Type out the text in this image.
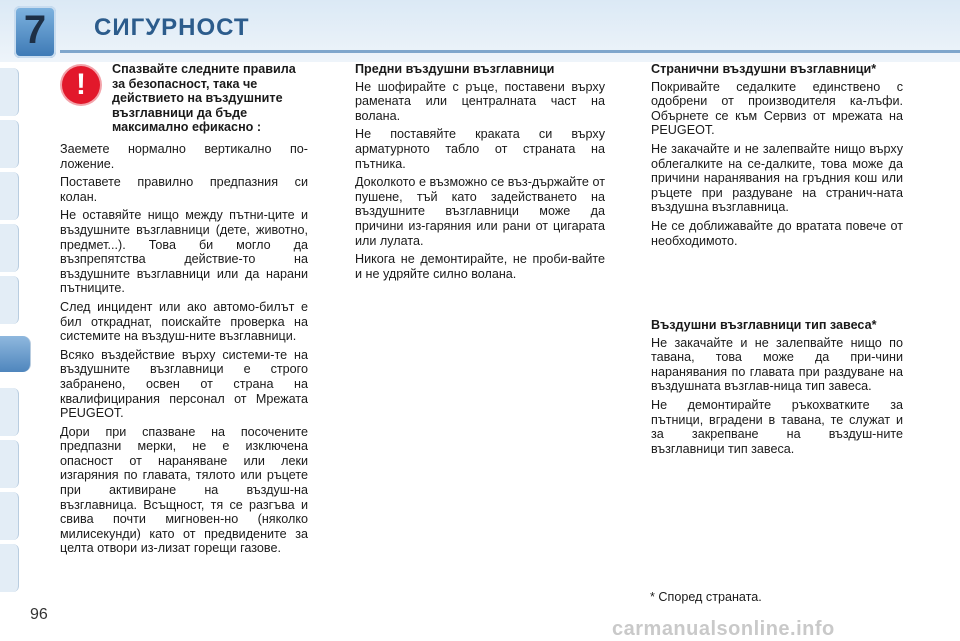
7	СИГУРНОСТ
!	Спазвайте следните правила за безопасност, така че действието на въздушните възглавници да бъде максимално ефикасно :

Заемете нормално вертикално по-ложение.

Поставете правилно предпазния си колан.

Не оставяйте нищо между пътни-ците и въздушните възглавници (дете, животно, предмет...). Това би могло да възпрепятства действие-то на въздушните възглавници или да нарани пътниците.

След инцидент или ако автомо-билът е бил откраднат, поискайте проверка на системите на въздуш-ните възглавници.

Всяко въздействие върху системи-те на въздушните възглавници е строго забранено, освен от страна на квалифицирания персонал от Мрежата PEUGEOT.

Дори при спазване на посочените предпазни мерки, не е изключена опасност от нараняване или леки изгаряния по главата, тялото или ръцете при активиране на въздуш-на възглавница. Всъщност, тя се разгъва и свива почти мигновен-но (няколко милисекунди) като от предвидените за целта отвори из-лизат горещи газове.

Предни въздушни възглавници

Не шофирайте с ръце, поставени върху рамената или централната част на волана.

Не поставяйте краката си върху арматурното табло от страната на пътника.

Доколкото е възможно се въз-държайте от пушене, тъй като задействането на въздушните възглавници може да причини из-гаряния или рани от цигарата или лулата.

Никога не демонтирайте, не проби-вайте и не удряйте силно волана.

Странични въздушни възглавници*

Покривайте седалките единствено с одобрени от производителя ка-лъфи. Обърнете се към Сервиз от мрежата на PEUGEOT.

Не закачайте и не залепвайте нищо върху облегалките на се-далките, това може да причини наранявания на гръдния кош или ръцете при раздуване на странич-ната въздушна възглавница.

Не се доближавайте до вратата повече от необходимото.

Въздушни възглавници тип завеса*

Не закачайте и не залепвайте нищо по тавана, това може да при-чини наранявания по главата при раздуване на въздушната възглав-ница тип завеса.

Не демонтирайте ръкохватките за пътници, вградени в тавана, те служат и за закрепване на въздуш-ните възглавници тип завеса.

* Според страната.
96
carmanualsonline.info
